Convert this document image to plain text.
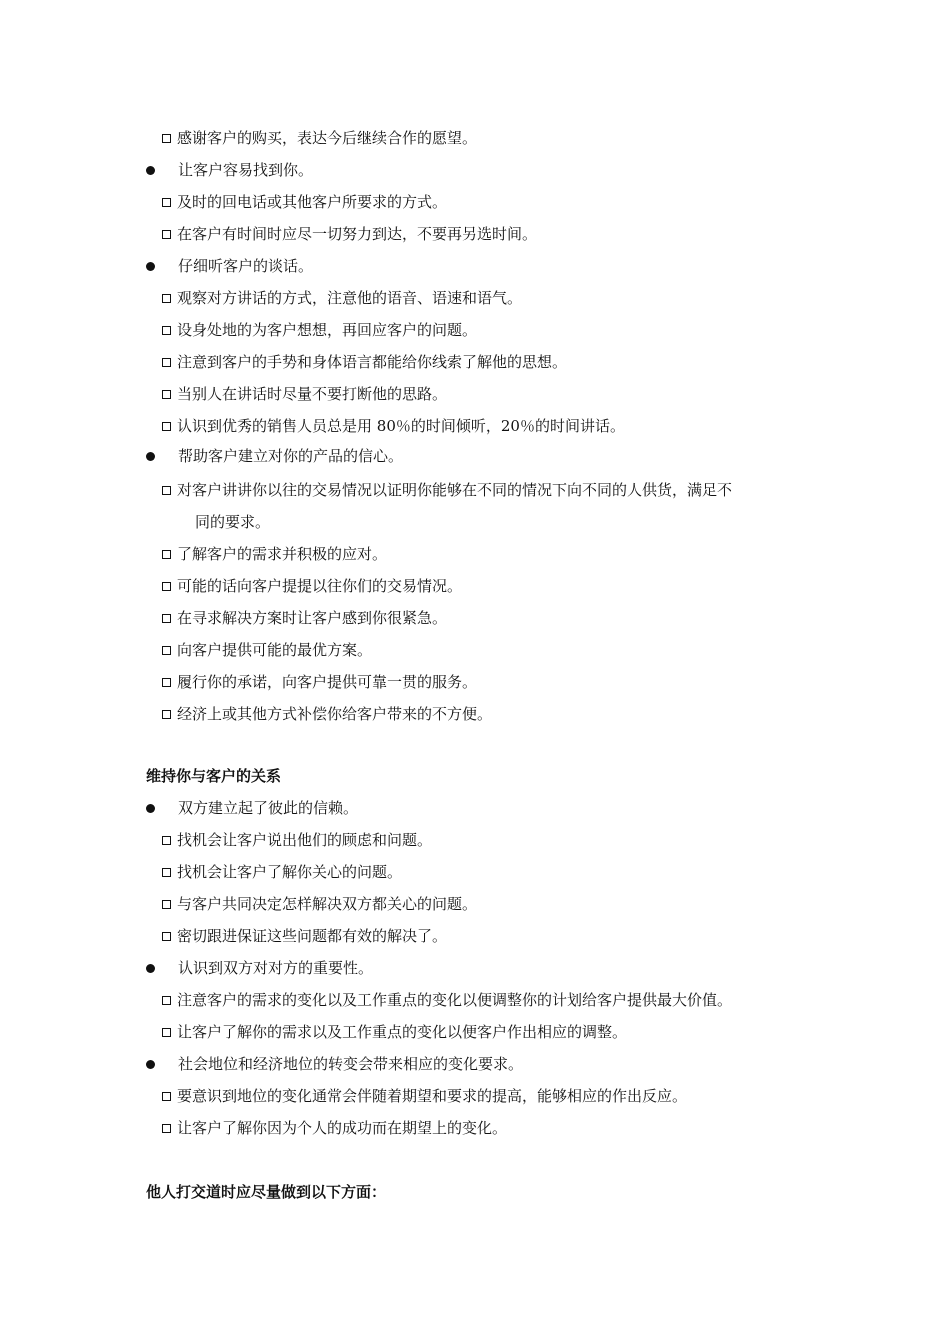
感谢客户的购买，表达今后继续合作的愿望。
让客户容易找到你。
及时的回电话或其他客户所要求的方式。
在客户有时间时应尽一切努力到达，不要再另选时间。
仔细听客户的谈话。
观察对方讲话的方式，注意他的语音、语速和语气。
设身处地的为客户想想，再回应客户的问题。
注意到客户的手势和身体语言都能给你线索了解他的思想。
当别人在讲话时尽量不要打断他的思路。
认识到优秀的销售人员总是用 80％的时间倾听，20％的时间讲话。
帮助客户建立对你的产品的信心。
对客户讲讲你以往的交易情况以证明你能够在不同的情况下向不同的人供货，满足不
同的要求。
了解客户的需求并积极的应对。
可能的话向客户提提以往你们的交易情况。
在寻求解决方案时让客户感到你很紧急。
向客户提供可能的最优方案。
履行你的承诺，向客户提供可靠一贯的服务。
经济上或其他方式补偿你给客户带来的不方便。
维持你与客户的关系
双方建立起了彼此的信赖。
找机会让客户说出他们的顾虑和问题。
找机会让客户了解你关心的问题。
与客户共同决定怎样解决双方都关心的问题。
密切跟进保证这些问题都有效的解决了。
认识到双方对对方的重要性。
注意客户的需求的变化以及工作重点的变化以便调整你的计划给客户提供最大价值。
让客户了解你的需求以及工作重点的变化以便客户作出相应的调整。
社会地位和经济地位的转变会带来相应的变化要求。
要意识到地位的变化通常会伴随着期望和要求的提高，能够相应的作出反应。
让客户了解你因为个人的成功而在期望上的变化。
他人打交道时应尽量做到以下方面：
